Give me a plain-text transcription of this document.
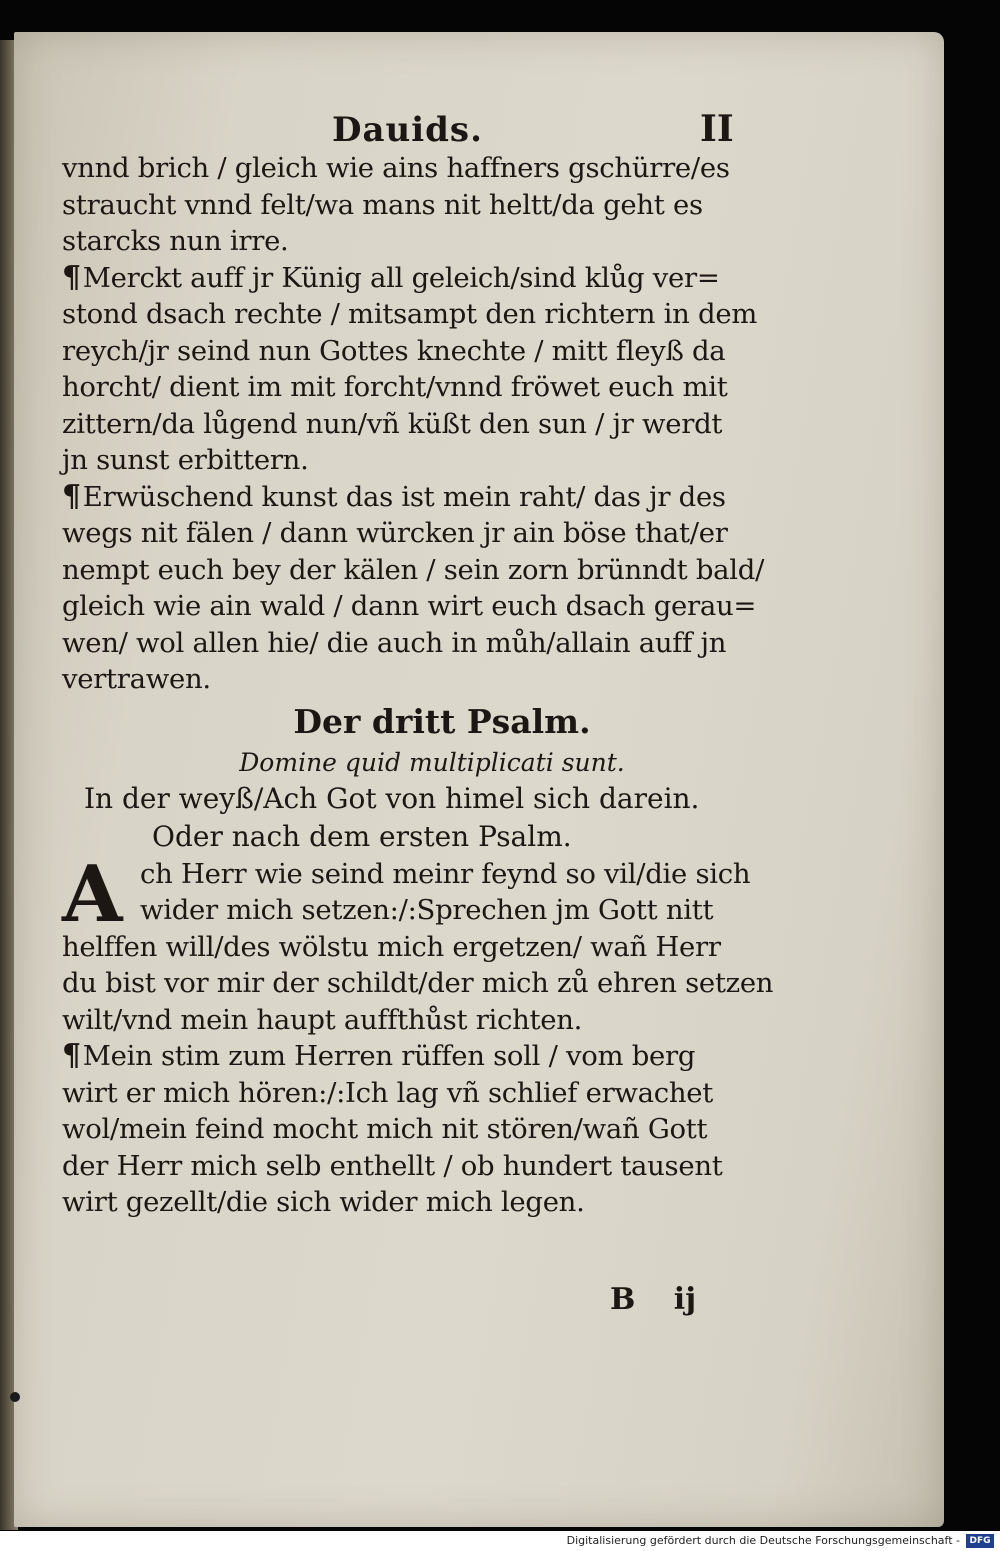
Dauids.	II
vnnd brich / gleich wie ains haffners gschürre/es
straucht vnnd felt/wa mans nit heltt/da geht es
starcks nun irre.
¶Merckt auff jr Künig all geleich/sind klůg ver=
stond dsach rechte / mitsampt den richtern in dem
reych/jr seind nun Gottes knechte / mitt fleyß da
horcht/ dient im mit forcht/vnnd fröwet euch mit
zittern/da lůgend nun/vñ küßt den sun / jr werdt
jn sunst erbittern.
¶Erwüschend kunst das ist mein raht/ das jr des
wegs nit fälen / dann würcken jr ain böse that/er
nempt euch bey der kälen / sein zorn brünndt bald/
gleich wie ain wald / dann wirt euch dsach gerau=
wen/ wol allen hie/ die auch in můh/allain auff jn
vertrawen.
Der dritt Psalm.
Domine quid multiplicati sunt.
In der weyß/Ach Got von himel sich darein.
Oder nach dem ersten Psalm.
A ch Herr wie seind meinr feynd so vil/die sich
wider mich setzen:/:Sprechen jm Gott nitt
helffen will/des wölstu mich ergetzen/ wañ Herr
du bist vor mir der schildt/der mich zů ehren setzen
wilt/vnd mein haupt auffthůst richten.
¶Mein stim zum Herren rüffen soll / vom berg
wirt er mich hören:/:Ich lag vñ schlief erwachet
wol/mein feind mocht mich nit stören/wañ Gott
der Herr mich selb enthellt / ob hundert tausent
wirt gezellt/die sich wider mich legen.
B ij
Digitalisierung gefördert durch die Deutsche Forschungsgemeinschaft -	DFG
